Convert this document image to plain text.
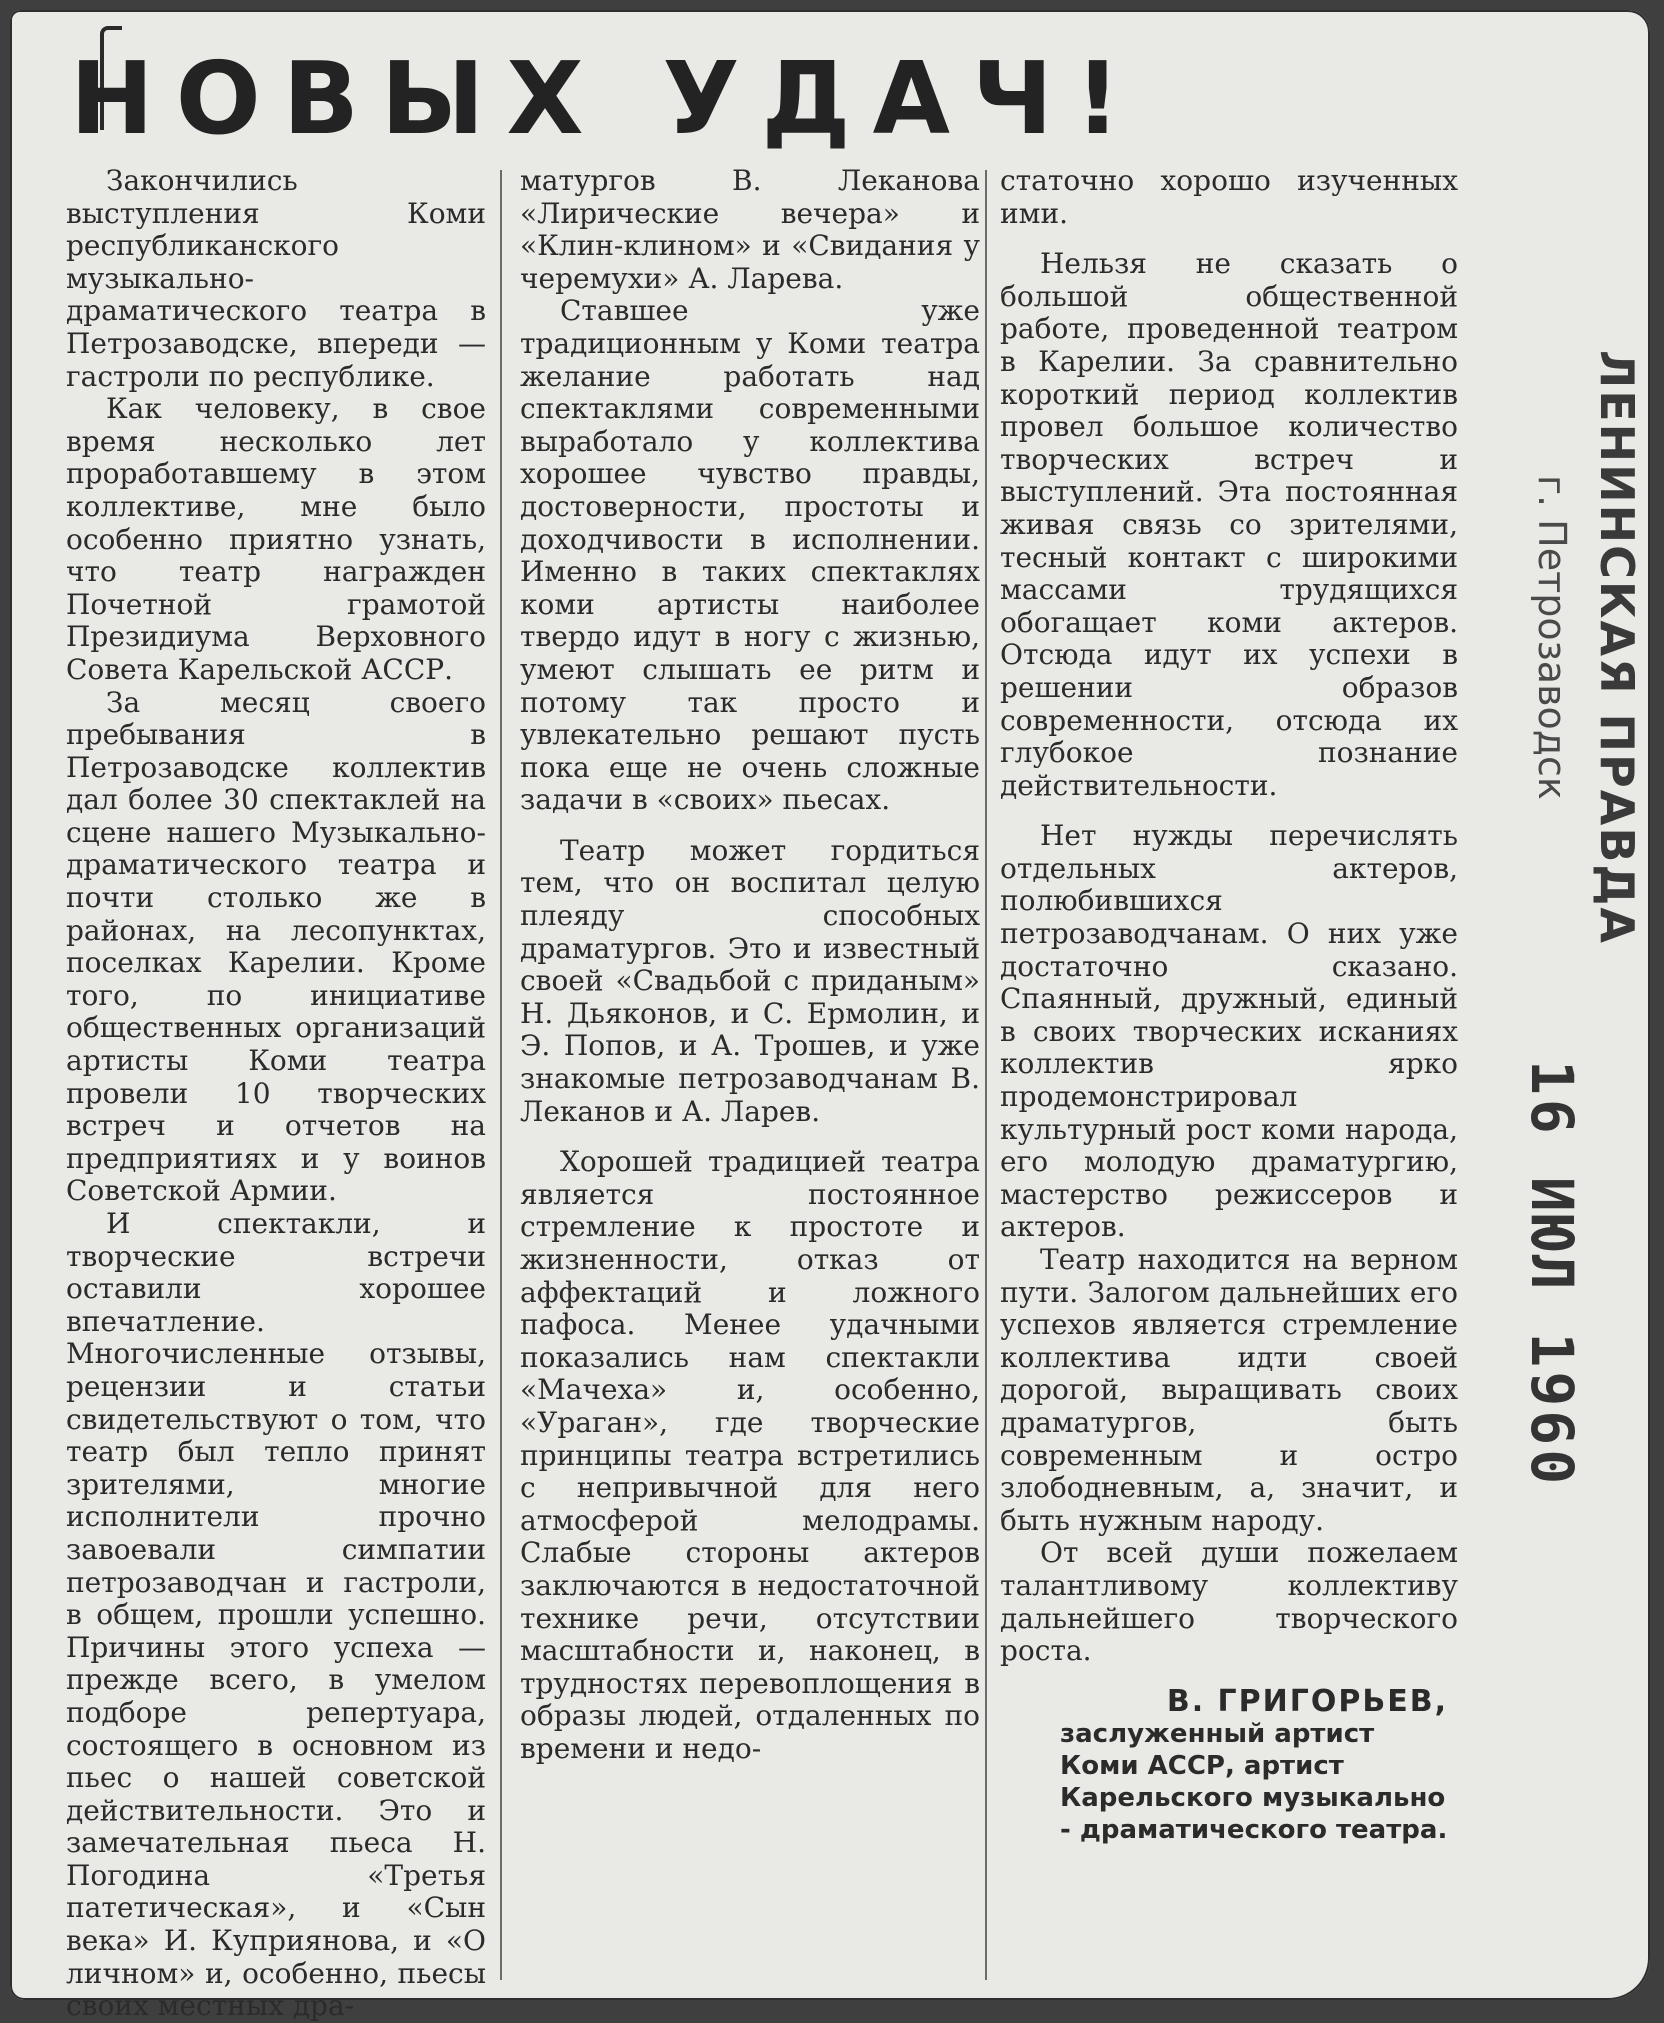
НОВЫХ УДАЧ!

Закончились выступления Коми республиканского музыкально-драматического театра в Петрозаводске, впереди — гастроли по республике.

Как человеку, в свое время несколько лет проработавшему в этом коллективе, мне было особенно приятно узнать, что театр награжден Почетной грамотой Президиума Верховного Совета Карельской АССР.

За месяц своего пребывания в Петрозаводске коллектив дал более 30 спектаклей на сцене нашего Музыкально-драматического театра и почти столько же в районах, на лесопунктах, поселках Карелии. Кроме того, по инициативе общественных организаций артисты Коми театра провели 10 творческих встреч и отчетов на предприятиях и у воинов Советской Армии.

И спектакли, и творческие встречи оставили хорошее впечатление. Многочисленные отзывы, рецензии и статьи свидетельствуют о том, что театр был тепло принят зрителями, многие исполнители прочно завоевали симпатии петрозаводчан и гастроли, в общем, прошли успешно. Причины этого успеха — прежде всего, в умелом подборе репертуара, состоящего в основном из пьес о нашей советской действительности. Это и замечательная пьеса Н. Погодина «Третья патетическая», и «Сын века» И. Куприянова, и «О личном» и, особенно, пьесы своих местных дра-

матургов В. Леканова «Лирические вечера» и «Клин-клином» и «Свидания у черемухи» А. Ларева.

Ставшее уже традиционным у Коми театра желание работать над спектаклями современными выработало у коллектива хорошее чувство правды, достоверности, простоты и доходчивости в исполнении. Именно в таких спектаклях коми артисты наиболее твердо идут в ногу с жизнью, умеют слышать ее ритм и потому так просто и увлекательно решают пусть пока еще не очень сложные задачи в «своих» пьесах.

Театр может гордиться тем, что он воспитал целую плеяду способных драматургов. Это и известный своей «Свадьбой с приданым» Н. Дьяконов, и С. Ермолин, и Э. Попов, и А. Трошев, и уже знакомые петрозаводчанам В. Леканов и А. Ларев.

Хорошей традицией театра является постоянное стремление к простоте и жизненности, отказ от аффектаций и ложного пафоса. Менее удачными показались нам спектакли «Мачеха» и, особенно, «Ураган», где творческие принципы театра встретились с непривычной для него атмосферой мелодрамы. Слабые стороны актеров заключаются в недостаточной технике речи, отсутствии масштабности и, наконец, в трудностях перевоплощения в образы людей, отдаленных по времени и недо-

статочно хорошо изученных ими.

Нельзя не сказать о большой общественной работе, проведенной театром в Карелии. За сравнительно короткий период коллектив провел большое количество творческих встреч и выступлений. Эта постоянная живая связь со зрителями, тесный контакт с широкими массами трудящихся обогащает коми актеров. Отсюда идут их успехи в решении образов современности, отсюда их глубокое познание действительности.

Нет нужды перечислять отдельных актеров, полюбившихся петрозаводчанам. О них уже достаточно сказано. Спаянный, дружный, единый в своих творческих исканиях коллектив ярко продемонстрировал культурный рост коми народа, его молодую драматургию, мастерство режиссеров и актеров.

Театр находится на верном пути. Залогом дальнейших его успехов является стремление коллектива идти своей дорогой, выращивать своих драматургов, быть современным и остро злободневным, а, значит, и быть нужным народу.

От всей души пожелаем талантливому коллективу дальнейшего творческого роста.

В. ГРИГОРЬЕВ,
заслуженный артист Коми АССР, артист Карельского музыкально - драматического театра.
ЛЕНИНСКАЯ ПРАВДА
г. Петрозаводск
16 ИЮЛ 1960
